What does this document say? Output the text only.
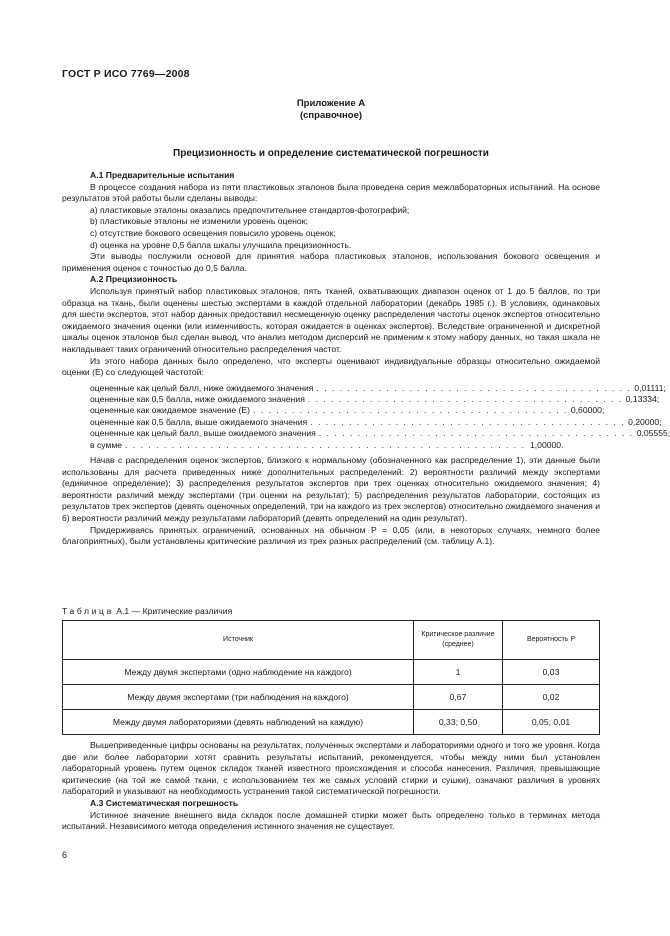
ГОСТ Р ИСО 7769—2008
Приложение А
(справочное)
Прецизионность и определение систематической погрешности

А.1 Предварительные испытания

В процессе создания набора из пяти пластиковых эталонов была проведена серия межлабораторных испытаний. На основе результатов этой работы были сделаны выводы:

a) пластиковые эталоны оказались предпочтительнее стандартов-фотографий;

b) пластиковые эталоны не изменили уровень оценок;

c) отсутствие бокового освещения повысило уровень оценок;

d) оценка на уровне 0,5 балла шкалы улучшила прецизионность.

Эти выводы послужили основой для принятия набора пластиковых эталонов, использования бокового освещения и применения оценок с точностью до 0,5 балла.

А.2 Прецизионность

Используя принятый набор пластиковых эталонов, пять тканей, охватывающих диапазон оценок от 1 до 5 баллов, по три образца на ткань, были оценены шестью экспертами в каждой отдельной лаборатории (декабрь 1985 г.). В условиях, одинаковых для шести экспертов, этот набор данных предоставил несмещенную оценку распределения частоты оценок экспертов относительно ожидаемого значения оценки (или изменчивость, которая ожидается в оценках экспертов). Вследствие ограниченной и дискретной шкалы оценок эталонов был сделан вывод, что анализ методом дисперсий не применим к этому набору данных, но такая шкала не накладывает таких ограничений относительно распределения частот.

Из этого набора данных было определено, что эксперты оценивают индивидуальные образцы относительно ожидаемой оценки (E) со следующей частотой:

оцененные как целый балл, ниже ожидаемого значения . . . . . . . . . . . . . . . . . . . . . . . . . . . . . . . . . . . . . . . . . 0,01111;
оцененные как 0,5 балла, ниже ожидаемого значения . . . . . . . . . . . . . . . . . . . . . . . . . . . . . . . . . . . . . . . . . 0,13334;
оцененные как ожидаемое значение (E) . . . . . . . . . . . . . . . . . . . . . . . . . . . . . . . . . . . . . . . . . 0,60000;
оцененные как 0,5 балла, выше ожидаемого значения . . . . . . . . . . . . . . . . . . . . . . . . . . . . . . . . . . . . . . . . . 0,20000;
оцененные как целый балл, выше ожидаемого значения . . . . . . . . . . . . . . . . . . . . . . . . . . . . . . . . . . . . . . . . . 0,05555;
в сумме . . . . . . . . . . . . . . . . . . . . . . . . . . . . . . . . . . . . . . . . . . . . . . . . . . . . 1,00000.

Начав с распределения оценок экспертов, близкого к нормальному (обозначенного как распределение 1), эти данные были использованы для расчета приведенных ниже дополнительных распределений: 2) вероятности различий между экспертами (единичное определение); 3) распределения результатов экспертов при трех оценках относительно ожидаемого значения; 4) вероятности различий между экспертами (три оценки на результат); 5) распределения результатов лаборатории, состоящих из результатов трех экспертов (девять оценочных определений, три на каждого из трех экспертов) относительно ожидаемого значения и 6) вероятности различий между результатами лабораторий (девять определений на один результат).

Придерживаясь принятых ограничений, основанных на обычном P = 0,05 (или, в некоторых случаях, немного более благоприятных), были установлены критические различия из трех разных распределений (см. таблицу А.1).

Таблица А.1 — Критические различия
Источник	Критическое различие (среднее)	Вероятность P
Между двумя экспертами (одно наблюдение на каждого)	1	0,03
Между двумя экспертами (три наблюдения на каждого)	0,67	0,02
Между двумя лабораториями (девять наблюдений на каждую)	0,33; 0,50	0,05; 0,01

Вышеприведенные цифры основаны на результатах, полученных экспертами и лабораториями одного и того же уровня. Когда две или более лаборатории хотят сравнить результаты испытаний, рекомендуется, чтобы между ними был установлен лабораторный уровень путем оценок складок тканей известного происхождения и способа нанесения. Различия, превышающие критические (на той же самой ткани, с использованием тех же самых условий стирки и сушки), означают различия в уровнях лабораторий и указывают на необходимость устранения такой систематической погрешности.

А.3 Систематическая погрешность

Истинное значение внешнего вида складок после домашней стирки может быть определено только в терминах метода испытаний. Независимого метода определения истинного значения не существует.

6
